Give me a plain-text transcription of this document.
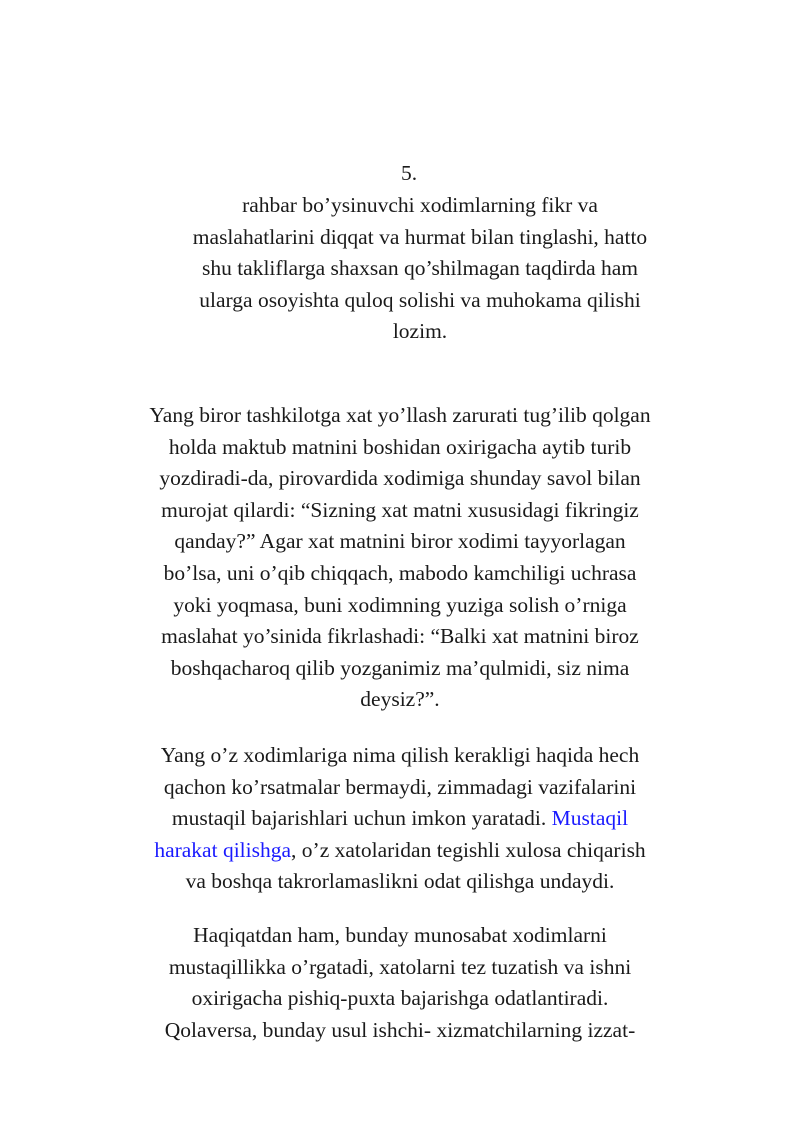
5.

rahbar bo’ysinuvchi xodimlarning fikr va
maslahatlarini diqqat va hurmat bilan tinglashi, hatto
shu takliflarga shaxsan qo’shilmagan taqdirda ham
ularga osoyishta quloq solishi va muhokama qilishi
lozim.

Yang biror tashkilotga xat yo’llash zarurati tug’ilib qolgan
holda maktub matnini boshidan oxirigacha aytib turib
yozdiradi-da, pirovardida xodimiga shunday savol bilan
murojat qilardi: “Sizning xat matni xususidagi fikringiz
qanday?” Agar xat matnini biror xodimi tayyorlagan
bo’lsa, uni o’qib chiqqach, mabodo kamchiligi uchrasa
yoki yoqmasa, buni xodimning yuziga solish o’rniga
maslahat yo’sinida fikrlashadi: “Balki xat matnini biroz
boshqacharoq qilib yozganimiz ma’qulmidi, siz nima
deysiz?”.

Yang o’z xodimlariga nima qilish kerakligi haqida hech
qachon ko’rsatmalar bermaydi, zimmadagi vazifalarini
mustaqil bajarishlari uchun imkon yaratadi. Mustaqil
harakat qilishga, o’z xatolaridan tegishli xulosa chiqarish
va boshqa takrorlamaslikni odat qilishga undaydi.

Haqiqatdan ham, bunday munosabat xodimlarni
mustaqillikka o’rgatadi, xatolarni tez tuzatish va ishni
oxirigacha pishiq-puxta bajarishga odatlantiradi.
Qolaversa, bunday usul ishchi- xizmatchilarning izzat-
